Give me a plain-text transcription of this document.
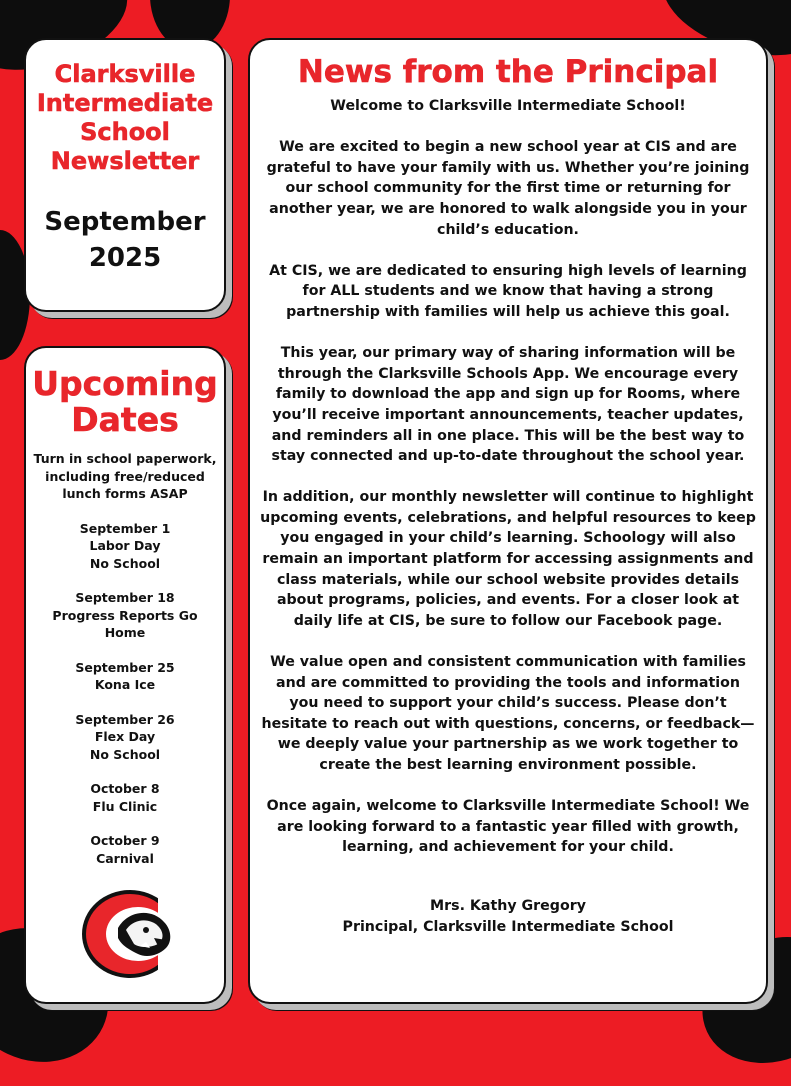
Clarksville
Intermediate
School
Newsletter
September
2025
Upcoming
Dates
Turn in school paperwork,
including free/reduced
lunch forms ASAP
September 1
Labor Day
No School
September 18
Progress Reports Go Home
September 25
Kona Ice
September 26
Flex Day
No School
October 8
Flu Clinic
October 9
Carnival
News from the Principal

Welcome to Clarksville Intermediate School!

We are excited to begin a new school year at CIS and are grateful to have your family with us. Whether you’re joining our school community for the first time or returning for another year, we are honored to walk alongside you in your child’s education.

At CIS, we are dedicated to ensuring high levels of learning for ALL students and we know that having a strong partnership with families will help us achieve this goal.

This year, our primary way of sharing information will be through the Clarksville Schools App. We encourage every family to download the app and sign up for Rooms, where you’ll receive important announcements, teacher updates, and reminders all in one place. This will be the best way to stay connected and up-to-date throughout the school year.

In addition, our monthly newsletter will continue to highlight upcoming events, celebrations, and helpful resources to keep you engaged in your child’s learning. Schoology will also remain an important platform for accessing assignments and class materials, while our school website provides details about programs, policies, and events. For a closer look at daily life at CIS, be sure to follow our Facebook page.

We value open and consistent communication with families and are committed to providing the tools and information you need to support your child’s success. Please don’t hesitate to reach out with questions, concerns, or feedback—we deeply value your partnership as we work together to create the best learning environment possible.

Once again, welcome to Clarksville Intermediate School! We are looking forward to a fantastic year filled with growth, learning, and achievement for your child.

Mrs. Kathy Gregory
Principal, Clarksville Intermediate School
